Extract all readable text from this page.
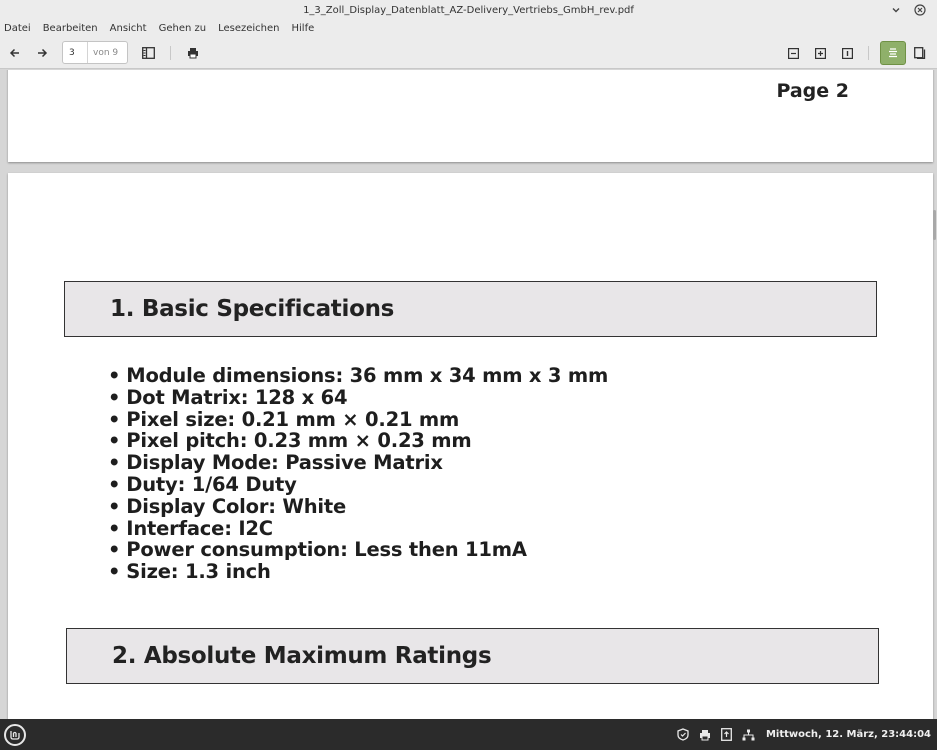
1_3_Zoll_Display_Datenblatt_AZ-Delivery_Vertriebs_GmbH_rev.pdf
Datei Bearbeiten Ansicht Gehen zu Lesezeichen Hilfe
3	von 9
Page 2
1. Basic Specifications
• Module dimensions: 36 mm x 34 mm x 3 mm
• Dot Matrix: 128 x 64
• Pixel size: 0.21 mm × 0.21 mm
• Pixel pitch: 0.23 mm × 0.23 mm
• Display Mode: Passive Matrix
• Duty: 1/64 Duty
• Display Color: White
• Interface: I2C
• Power consumption: Less then 11mA
• Size: 1.3 inch
2. Absolute Maximum Ratings
Mittwoch, 12. März, 23:44:04
